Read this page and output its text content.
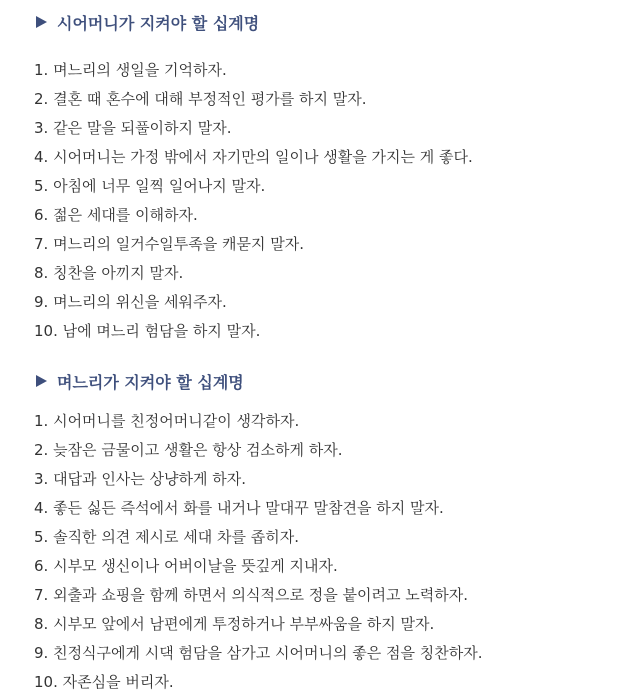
시어머니가 지켜야 할 십계명
1. 며느리의 생일을 기억하자.
2. 결혼 때 혼수에 대해 부정적인 평가를 하지 말자.
3. 같은 말을 되풀이하지 말자.
4. 시어머니는 가정 밖에서 자기만의 일이나 생활을 가지는 게 좋다.
5. 아침에 너무 일찍 일어나지 말자.
6. 젊은 세대를 이해하자.
7. 며느리의 일거수일투족을 캐묻지 말자.
8. 칭찬을 아끼지 말자.
9. 며느리의 위신을 세워주자.
10. 남에 며느리 험담을 하지 말자.
며느리가 지켜야 할 십계명
1. 시어머니를 친정어머니같이 생각하자.
2. 늦잠은 금물이고 생활은 항상 검소하게 하자.
3. 대답과 인사는 상냥하게 하자.
4. 좋든 싫든 즉석에서 화를 내거나 말대꾸 말참견을 하지 말자.
5. 솔직한 의견 제시로 세대 차를 좁히자.
6. 시부모 생신이나 어버이날을 뜻깊게 지내자.
7. 외출과 쇼핑을 함께 하면서 의식적으로 정을 붙이려고 노력하자.
8. 시부모 앞에서 남편에게 투정하거나 부부싸움을 하지 말자.
9. 친정식구에게 시댁 험담을 삼가고 시어머니의 좋은 점을 칭찬하자.
10. 자존심을 버리자.
